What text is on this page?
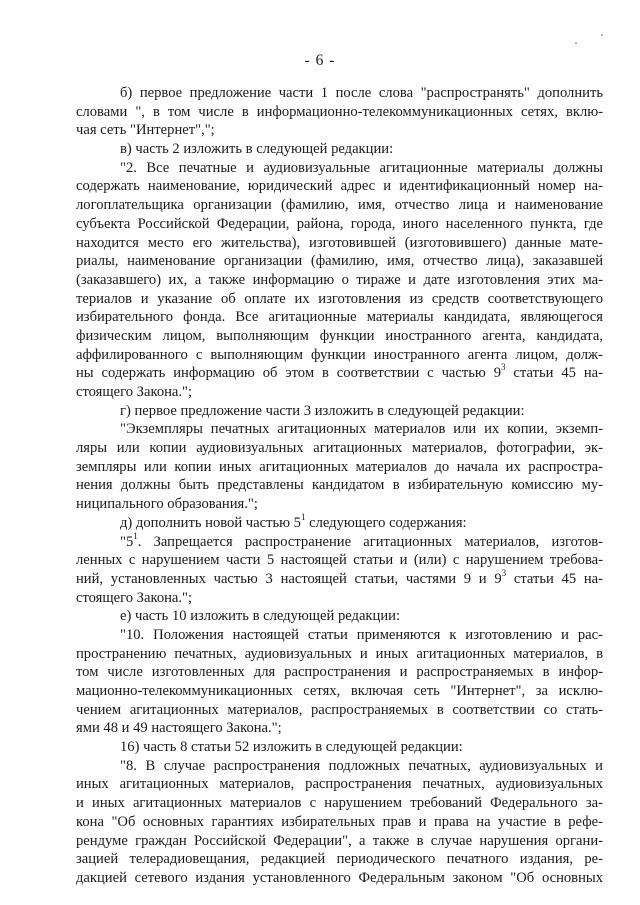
- 6 -
б) первое предложение части 1 после слова "распространять" дополнить
словами ", в том числе в информационно-телекоммуникационных сетях, вклю-
чая сеть "Интернет",";
в) часть 2 изложить в следующей редакции:
"2. Все печатные и аудиовизуальные агитационные материалы должны
содержать наименование, юридический адрес и идентификационный номер на-
логоплательщика организации (фамилию, имя, отчество лица и наименование
субъекта Российской Федерации, района, города, иного населенного пункта, где
находится место его жительства), изготовившей (изготовившего) данные мате-
риалы, наименование организации (фамилию, имя, отчество лица), заказавшей
(заказавшего) их, а также информацию о тираже и дате изготовления этих ма-
териалов и указание об оплате их изготовления из средств соответствующего
избирательного фонда. Все агитационные материалы кандидата, являющегося
физическим лицом, выполняющим функции иностранного агента, кандидата,
аффилированного с выполняющим функции иностранного агента лицом, долж-
ны содержать информацию об этом в соответствии с частью $9^3$ статьи 45 на-
стоящего Закона.";
г) первое предложение части 3 изложить в следующей редакции:
"Экземпляры печатных агитационных материалов или их копии, экземп-
ляры или копии аудиовизуальных агитационных материалов, фотографии, эк-
земпляры или копии иных агитационных материалов до начала их распростра-
нения должны быть представлены кандидатом в избирательную комиссию му-
ниципального образования.";
д) дополнить новой частью $5^1$ следующего содержания:
"$5^1$. Запрещается распространение агитационных материалов, изготов-
ленных с нарушением части 5 настоящей статьи и (или) с нарушением требова-
ний, установленных частью 3 настоящей статьи, частями 9 и $9^3$ статьи 45 на-
стоящего Закона.";
е) часть 10 изложить в следующей редакции:
"10. Положения настоящей статьи применяются к изготовлению и рас-
пространению печатных, аудиовизуальных и иных агитационных материалов, в
том числе изготовленных для распространения и распространяемых в инфор-
мационно-телекоммуникационных сетях, включая сеть "Интернет", за исклю-
чением агитационных материалов, распространяемых в соответствии со стать-
ями 48 и 49 настоящего Закона.";
16) часть 8 статьи 52 изложить в следующей редакции:
"8. В случае распространения подложных печатных, аудиовизуальных и
иных агитационных материалов, распространения печатных, аудиовизуальных
и иных агитационных материалов с нарушением требований Федерального за-
кона "Об основных гарантиях избирательных прав и права на участие в рефе-
рендуме граждан Российской Федерации", а также в случае нарушения органи-
зацией телерадиовещания, редакцией периодического печатного издания, ре-
дакцией сетевого издания установленного Федеральным законом "Об основных
